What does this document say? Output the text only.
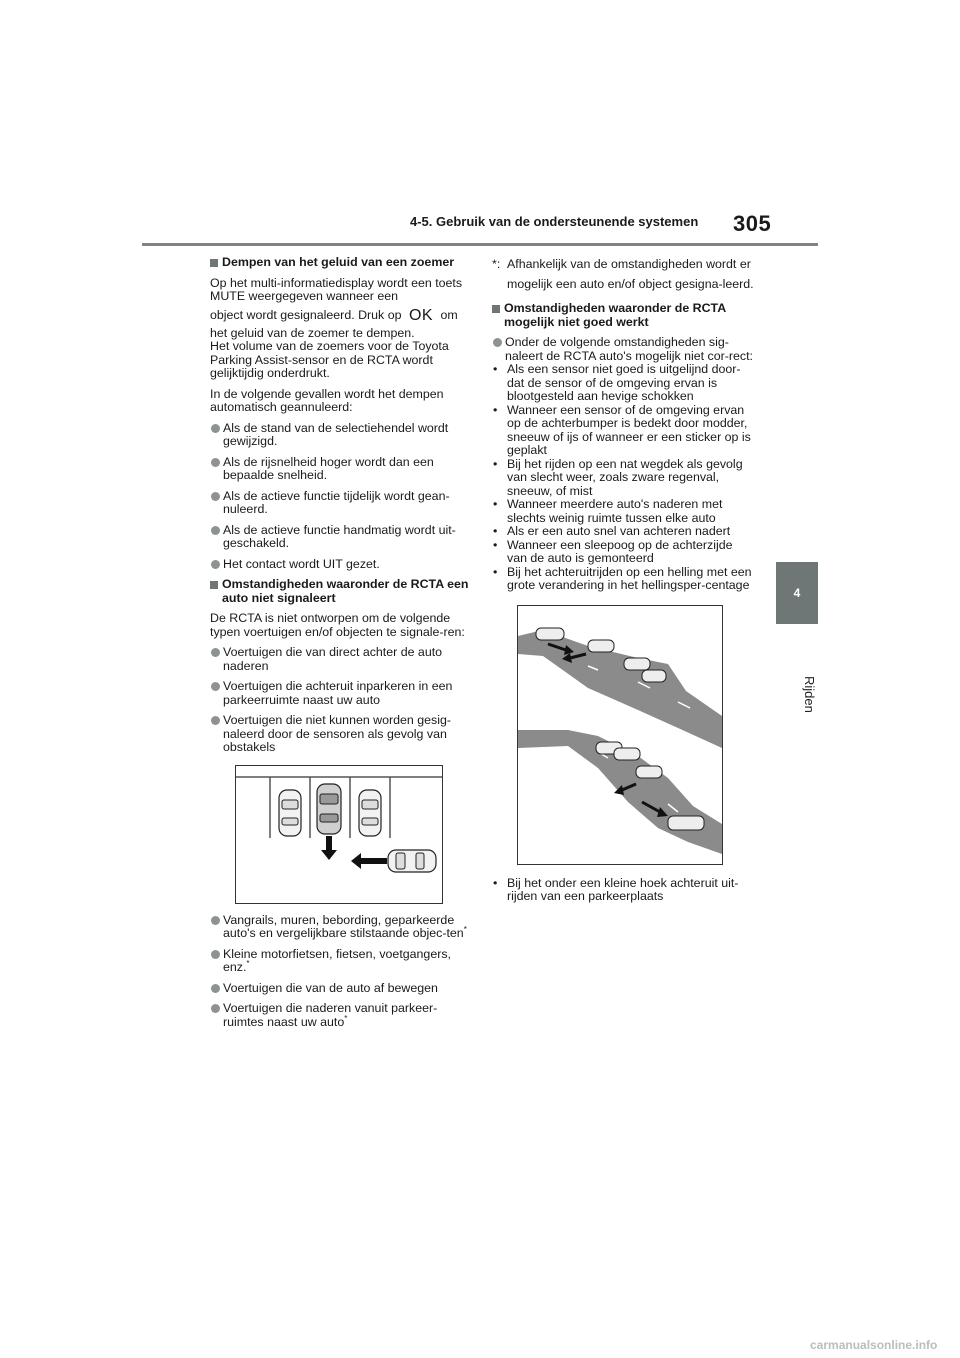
4-5. Gebruik van de ondersteunende systemen 305
4
Rijden
Dempen van het geluid van een zoemer
Op het multi-informatiedisplay wordt een toets MUTE weergegeven wanneer een
object wordt gesignaleerd. Druk op OK om
het geluid van de zoemer te dempen.
Het volume van de zoemers voor de Toyota Parking Assist-sensor en de RCTA wordt gelijktijdig onderdrukt.
In de volgende gevallen wordt het dempen automatisch geannuleerd:
Als de stand van de selectiehendel wordt gewijzigd.
Als de rijsnelheid hoger wordt dan een bepaalde snelheid.
Als de actieve functie tijdelijk wordt gean-nuleerd.
Als de actieve functie handmatig wordt uit-geschakeld.
Het contact wordt UIT gezet.
Omstandigheden waaronder de RCTA een auto niet signaleert
De RCTA is niet ontworpen om de volgende typen voertuigen en/of objecten te signale-ren:
Voertuigen die van direct achter de auto naderen
Voertuigen die achteruit inparkeren in een parkeerruimte naast uw auto
Voertuigen die niet kunnen worden gesig-naleerd door de sensoren als gevolg van obstakels
Vangrails, muren, bebording, geparkeerde auto's en vergelijkbare stilstaande objec-ten*
Kleine motorfietsen, fietsen, voetgangers, enz.*
Voertuigen die van de auto af bewegen
Voertuigen die naderen vanuit parkeer-ruimtes naast uw auto*
*: Afhankelijk van de omstandigheden wordt er mogelijk een auto en/of object gesigna-leerd.
Omstandigheden waaronder de RCTA mogelijk niet goed werkt
Onder de volgende omstandigheden sig-naleert de RCTA auto's mogelijk niet cor-rect:
• Als een sensor niet goed is uitgelijnd door-dat de sensor of de omgeving ervan is blootgesteld aan hevige schokken
• Wanneer een sensor of de omgeving ervan op de achterbumper is bedekt door modder, sneeuw of ijs of wanneer er een sticker op is geplakt
• Bij het rijden op een nat wegdek als gevolg van slecht weer, zoals zware regenval, sneeuw, of mist
• Wanneer meerdere auto's naderen met slechts weinig ruimte tussen elke auto
• Als er een auto snel van achteren nadert
• Wanneer een sleepoog op de achterzijde van de auto is gemonteerd
• Bij het achteruitrijden op een helling met een grote verandering in het hellingsper-centage
• Bij het onder een kleine hoek achteruit uit-rijden van een parkeerplaats
carmanualsonline.info
